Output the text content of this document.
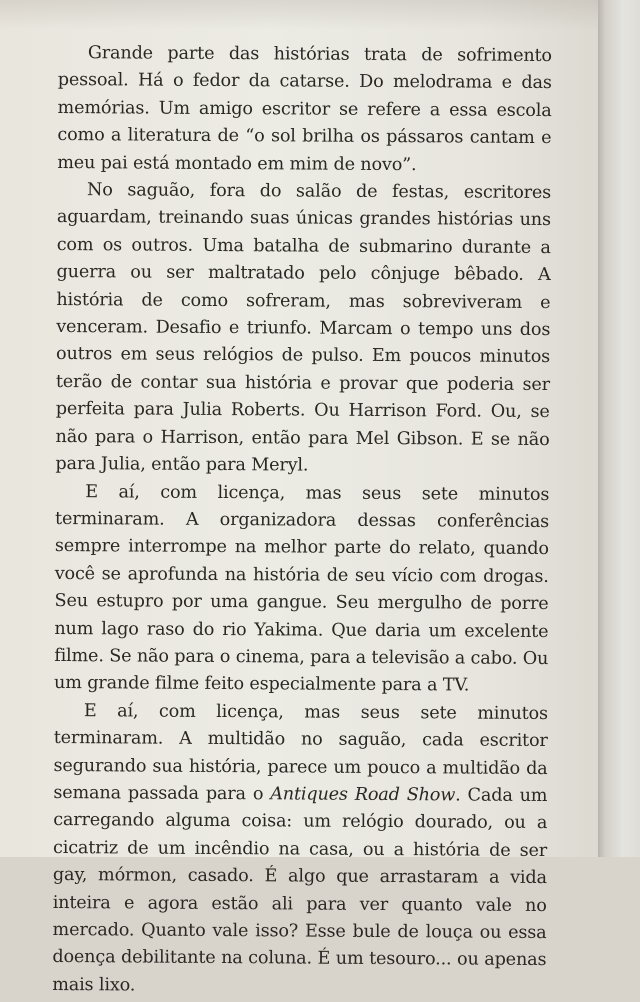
Grande parte das histórias trata de sofrimento pessoal. Há o fedor da catarse. Do melodrama e das memórias. Um amigo escritor se refere a essa escola como a literatura de “o sol brilha os pássaros cantam e meu pai está montado em mim de novo”.

No saguão, fora do salão de festas, escritores aguardam, treinando suas únicas grandes histórias uns com os outros. Uma batalha de submarino durante a guerra ou ser maltratado pelo cônjuge bêbado. A história de como sofreram, mas sobreviveram e venceram. Desafio e triunfo. Marcam o tempo uns dos outros em seus relógios de pulso. Em poucos minutos terão de contar sua história e provar que poderia ser perfeita para Julia Roberts. Ou Harrison Ford. Ou, se não para o Harrison, então para Mel Gibson. E se não para Julia, então para Meryl.

E aí, com licença, mas seus sete minutos terminaram. A organizadora dessas conferências sempre interrompe na melhor parte do relato, quando você se aprofunda na história de seu vício com drogas. Seu estupro por uma gangue. Seu mergulho de porre num lago raso do rio Yakima. Que daria um excelente filme. Se não para o cinema, para a televisão a cabo. Ou um grande filme feito especialmente para a TV.

E aí, com licença, mas seus sete minutos terminaram. A multidão no saguão, cada escritor segurando sua história, parece um pouco a multidão da semana passada para o Antiques Road Show. Cada um carregando alguma coisa: um relógio dourado, ou a cicatriz de um incêndio na casa, ou a história de ser gay, mórmon, casado. É algo que arrastaram a vida inteira e agora estão ali para ver quanto vale no mercado. Quanto vale isso? Esse bule de louça ou essa doença debilitante na coluna. É um tesouro... ou apenas mais lixo.
